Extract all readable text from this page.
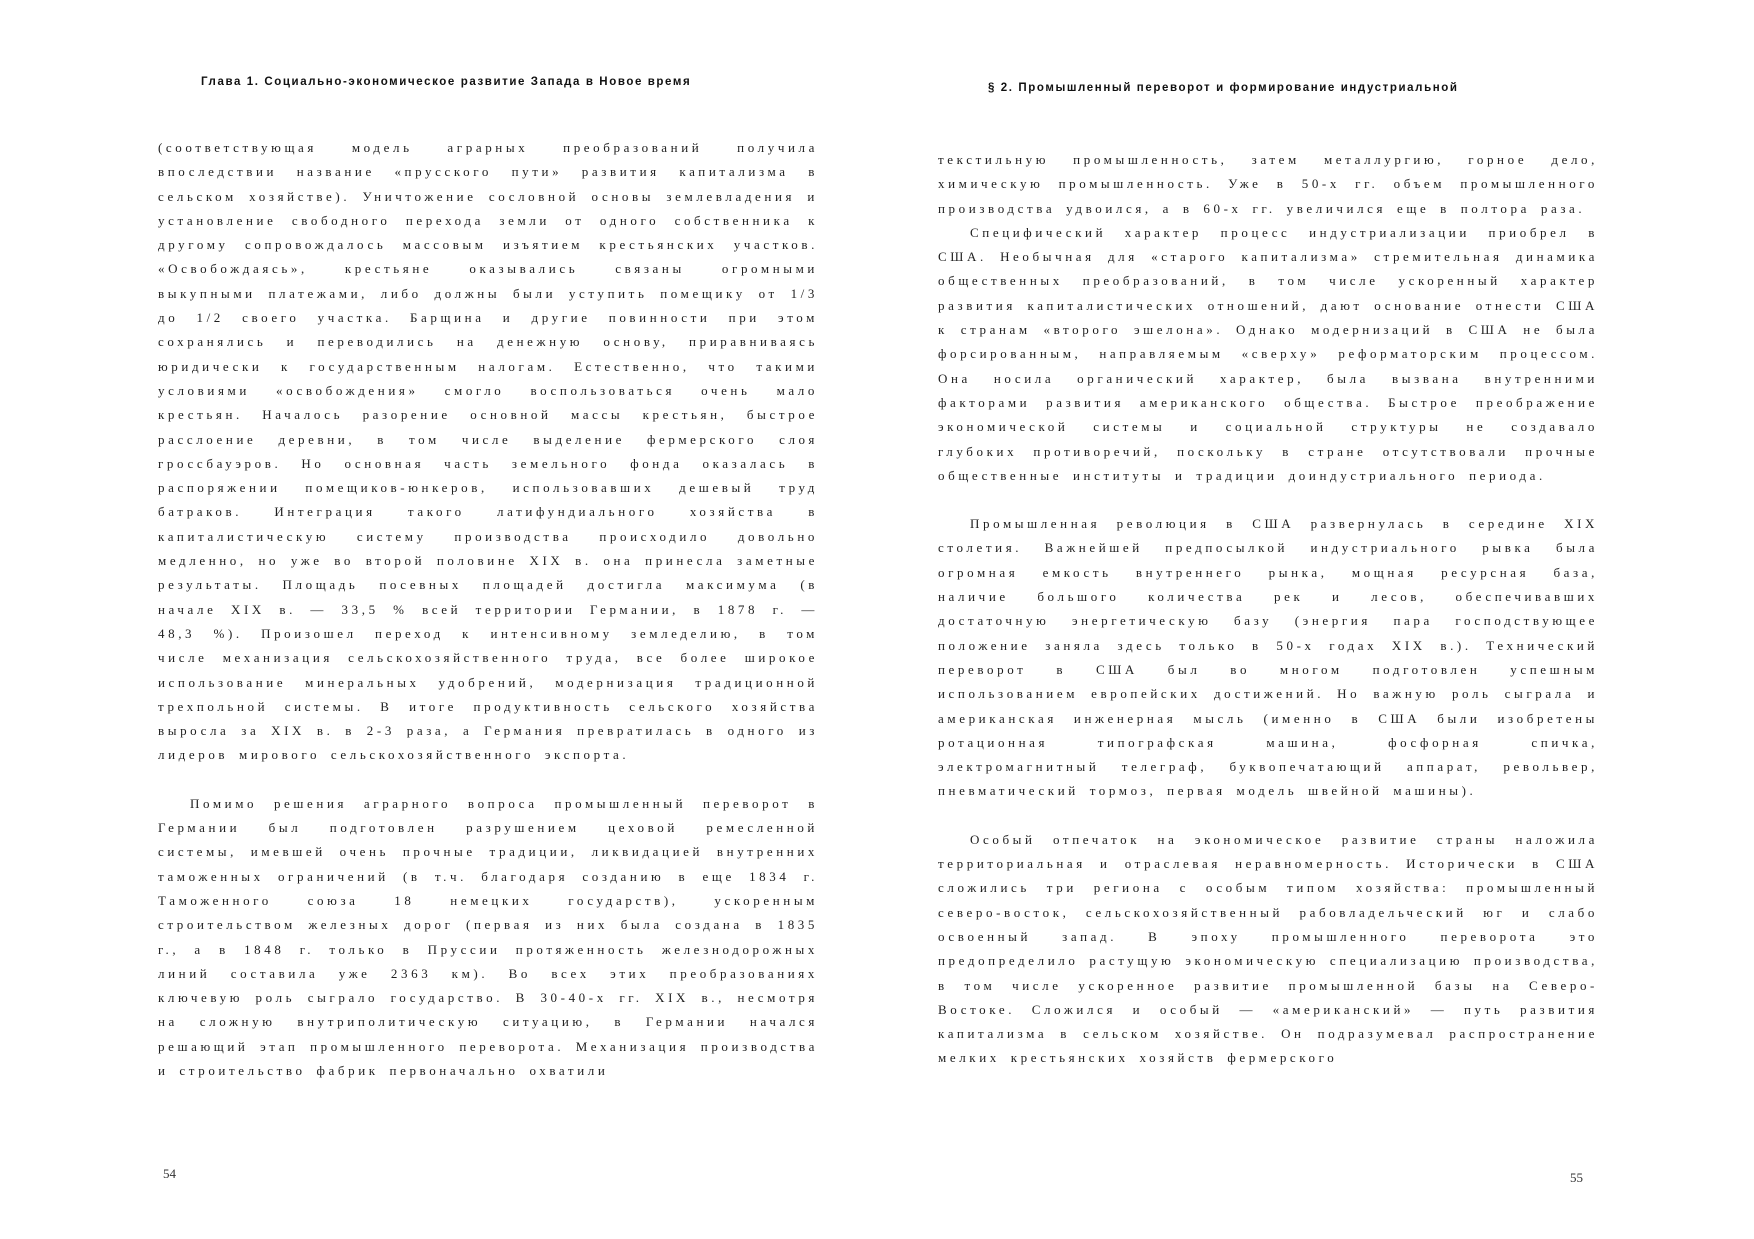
Глава 1. Социально-экономическое развитие Запада в Новое время

(соответствующая модель аграрных преобразований получила впоследствии название «прусского пути» развития капитализма в сельском хозяйстве). Уничтожение сословной основы землевладения и установление свободного перехода земли от одного собственника к другому сопровождалось массовым изъятием крестьянских участков. «Освобождаясь», крестьяне оказывались связаны огромными выкупными платежами, либо должны были уступить помещику от 1/3 до 1/2 своего участка. Барщина и другие повинности при этом сохранялись и переводились на денежную основу, приравниваясь юридически к государственным налогам. Естественно, что такими условиями «освобождения» смогло воспользоваться очень мало крестьян. Началось разорение основной массы крестьян, быстрое расслоение деревни, в том числе выделение фермерского слоя гроссбауэров. Но основная часть земельного фонда оказалась в распоряжении помещиков-юнкеров, использовавших дешевый труд батраков. Интеграция такого латифундиального хозяйства в капиталистическую систему производства происходило довольно медленно, но уже во второй половине XIX в. она принесла заметные результаты. Площадь посевных площадей достигла максимума (в начале XIX в. — 33,5 % всей территории Германии, в 1878 г. — 48,3 %). Произошел переход к интенсивному земледелию, в том числе механизация сельскохозяйственного труда, все более широкое использование минеральных удобрений, модернизация традиционной трехпольной системы. В итоге продуктивность сельского хозяйства выросла за XIX в. в 2-3 раза, а Германия превратилась в одного из лидеров мирового сельскохозяйственного экспорта.

Помимо решения аграрного вопроса промышленный переворот в Германии был подготовлен разрушением цеховой ремесленной системы, имевшей очень прочные традиции, ликвидацией внутренних таможенных ограничений (в т.ч. благодаря созданию в еще 1834 г. Таможенного союза 18 немецких государств), ускоренным строительством железных дорог (первая из них была создана в 1835 г., а в 1848 г. только в Пруссии протяженность железнодорожных линий составила уже 2363 км). Во всех этих преобразованиях ключевую роль сыграло государство. В 30-40-х гг. XIX в., несмотря на сложную внутриполитическую ситуацию, в Германии начался решающий этап промышленного переворота. Механизация производства и строительство фабрик первоначально охватили

54
§ 2. Промышленный переворот и формирование индустриальной

текстильную промышленность, затем металлургию, горное дело, химическую промышленность. Уже в 50-х гг. объем промышленного производства удвоился, а в 60-х гг. увеличился еще в полтора раза.

Специфический характер процесс индустриализации приобрел в США. Необычная для «старого капитализма» стремительная динамика общественных преобразований, в том числе ускоренный характер развития капиталистических отношений, дают основание отнести США к странам «второго эшелона». Однако модернизаций в США не была форсированным, направляемым «сверху» реформаторским процессом. Она носила органический характер, была вызвана внутренними факторами развития американского общества. Быстрое преображение экономической системы и социальной структуры не создавало глубоких противоречий, поскольку в стране отсутствовали прочные общественные институты и традиции доиндустриального периода.

Промышленная революция в США развернулась в середине XIX столетия. Важнейшей предпосылкой индустриального рывка была огромная емкость внутреннего рынка, мощная ресурсная база, наличие большого количества рек и лесов, обеспечивавших достаточную энергетическую базу (энергия пара господствующее положение заняла здесь только в 50-х годах XIX в.). Технический переворот в США был во многом подготовлен успешным использованием европейских достижений. Но важную роль сыграла и американская инженерная мысль (именно в США были изобретены ротационная типографская машина, фосфорная спичка, электромагнитный телеграф, буквопечатающий аппарат, револьвер, пневматический тормоз, первая модель швейной машины).

Особый отпечаток на экономическое развитие страны наложила территориальная и отраслевая неравномерность. Исторически в США сложились три региона с особым типом хозяйства: промышленный северо-восток, сельскохозяйственный рабовладельческий юг и слабо освоенный запад. В эпоху промышленного переворота это предопределило растущую экономическую специализацию производства, в том числе ускоренное развитие промышленной базы на Северо-Востоке. Сложился и особый — «американский» — путь развития капитализма в сельском хозяйстве. Он подразумевал распространение мелких крестьянских хозяйств фермерского

55
